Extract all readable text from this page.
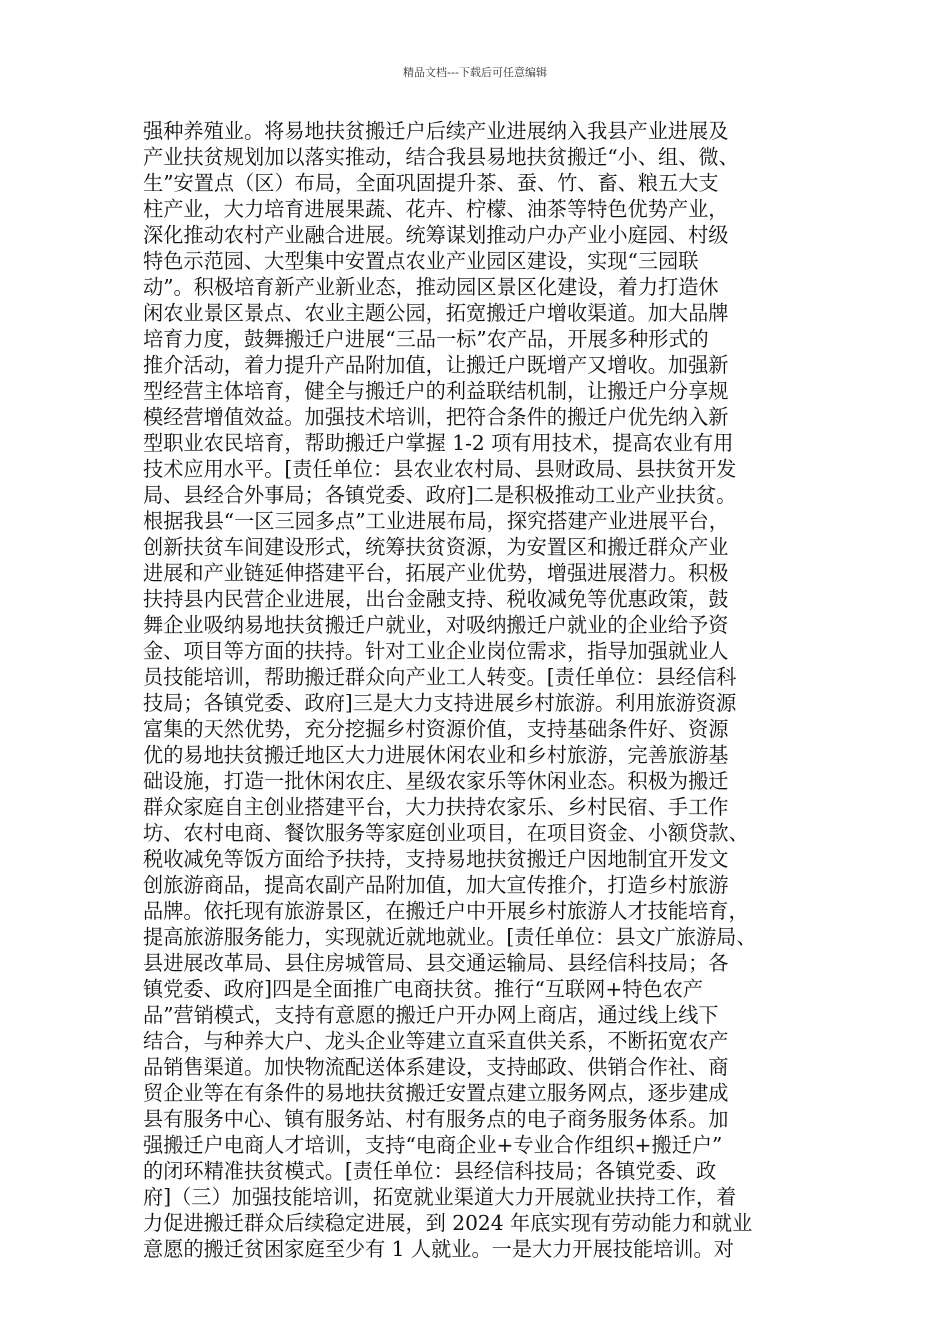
精品文档---下载后可任意编辑
强种养殖业。将易地扶贫搬迁户后续产业进展纳入我县产业进展及
产业扶贫规划加以落实推动，结合我县易地扶贫搬迁“小、组、微、
生”安置点（区）布局，全面巩固提升茶、蚕、竹、畜、粮五大支
柱产业，大力培育进展果蔬、花卉、柠檬、油茶等特色优势产业，
深化推动农村产业融合进展。统筹谋划推动户办产业小庭园、村级
特色示范园、大型集中安置点农业产业园区建设，实现“三园联
动”。积极培育新产业新业态，推动园区景区化建设，着力打造休
闲农业景区景点、农业主题公园，拓宽搬迁户增收渠道。加大品牌
培育力度，鼓舞搬迁户进展“三品一标”农产品，开展多种形式的
推介活动，着力提升产品附加值，让搬迁户既增产又增收。加强新
型经营主体培育，健全与搬迁户的利益联结机制，让搬迁户分享规
模经营增值效益。加强技术培训，把符合条件的搬迁户优先纳入新
型职业农民培育，帮助搬迁户掌握 1-2 项有用技术，提高农业有用
技术应用水平。[责任单位：县农业农村局、县财政局、县扶贫开发
局、县经合外事局；各镇党委、政府]二是积极推动工业产业扶贫。
根据我县“一区三园多点”工业进展布局，探究搭建产业进展平台，
创新扶贫车间建设形式，统筹扶贫资源，为安置区和搬迁群众产业
进展和产业链延伸搭建平台，拓展产业优势，增强进展潜力。积极
扶持县内民营企业进展，出台金融支持、税收减免等优惠政策，鼓
舞企业吸纳易地扶贫搬迁户就业，对吸纳搬迁户就业的企业给予资
金、项目等方面的扶持。针对工业企业岗位需求，指导加强就业人
员技能培训，帮助搬迁群众向产业工人转变。[责任单位：县经信科
技局；各镇党委、政府]三是大力支持进展乡村旅游。利用旅游资源
富集的天然优势，充分挖掘乡村资源价值，支持基础条件好、资源
优的易地扶贫搬迁地区大力进展休闲农业和乡村旅游，完善旅游基
础设施，打造一批休闲农庄、星级农家乐等休闲业态。积极为搬迁
群众家庭自主创业搭建平台，大力扶持农家乐、乡村民宿、手工作
坊、农村电商、餐饮服务等家庭创业项目，在项目资金、小额贷款、
税收减免等饭方面给予扶持，支持易地扶贫搬迁户因地制宜开发文
创旅游商品，提高农副产品附加值，加大宣传推介，打造乡村旅游
品牌。依托现有旅游景区，在搬迁户中开展乡村旅游人才技能培育，
提高旅游服务能力，实现就近就地就业。[责任单位：县文广旅游局、
县进展改革局、县住房城管局、县交通运输局、县经信科技局；各
镇党委、政府]四是全面推广电商扶贫。推行“互联网+特色农产
品”营销模式，支持有意愿的搬迁户开办网上商店，通过线上线下
结合，与种养大户、龙头企业等建立直采直供关系，不断拓宽农产
品销售渠道。加快物流配送体系建设，支持邮政、供销合作社、商
贸企业等在有条件的易地扶贫搬迁安置点建立服务网点，逐步建成
县有服务中心、镇有服务站、村有服务点的电子商务服务体系。加
强搬迁户电商人才培训，支持“电商企业+专业合作组织+搬迁户”
的闭环精准扶贫模式。[责任单位：县经信科技局；各镇党委、政
府]（三）加强技能培训，拓宽就业渠道大力开展就业扶持工作，着
力促进搬迁群众后续稳定进展，到 2024 年底实现有劳动能力和就业
意愿的搬迁贫困家庭至少有 1 人就业。一是大力开展技能培训。对
